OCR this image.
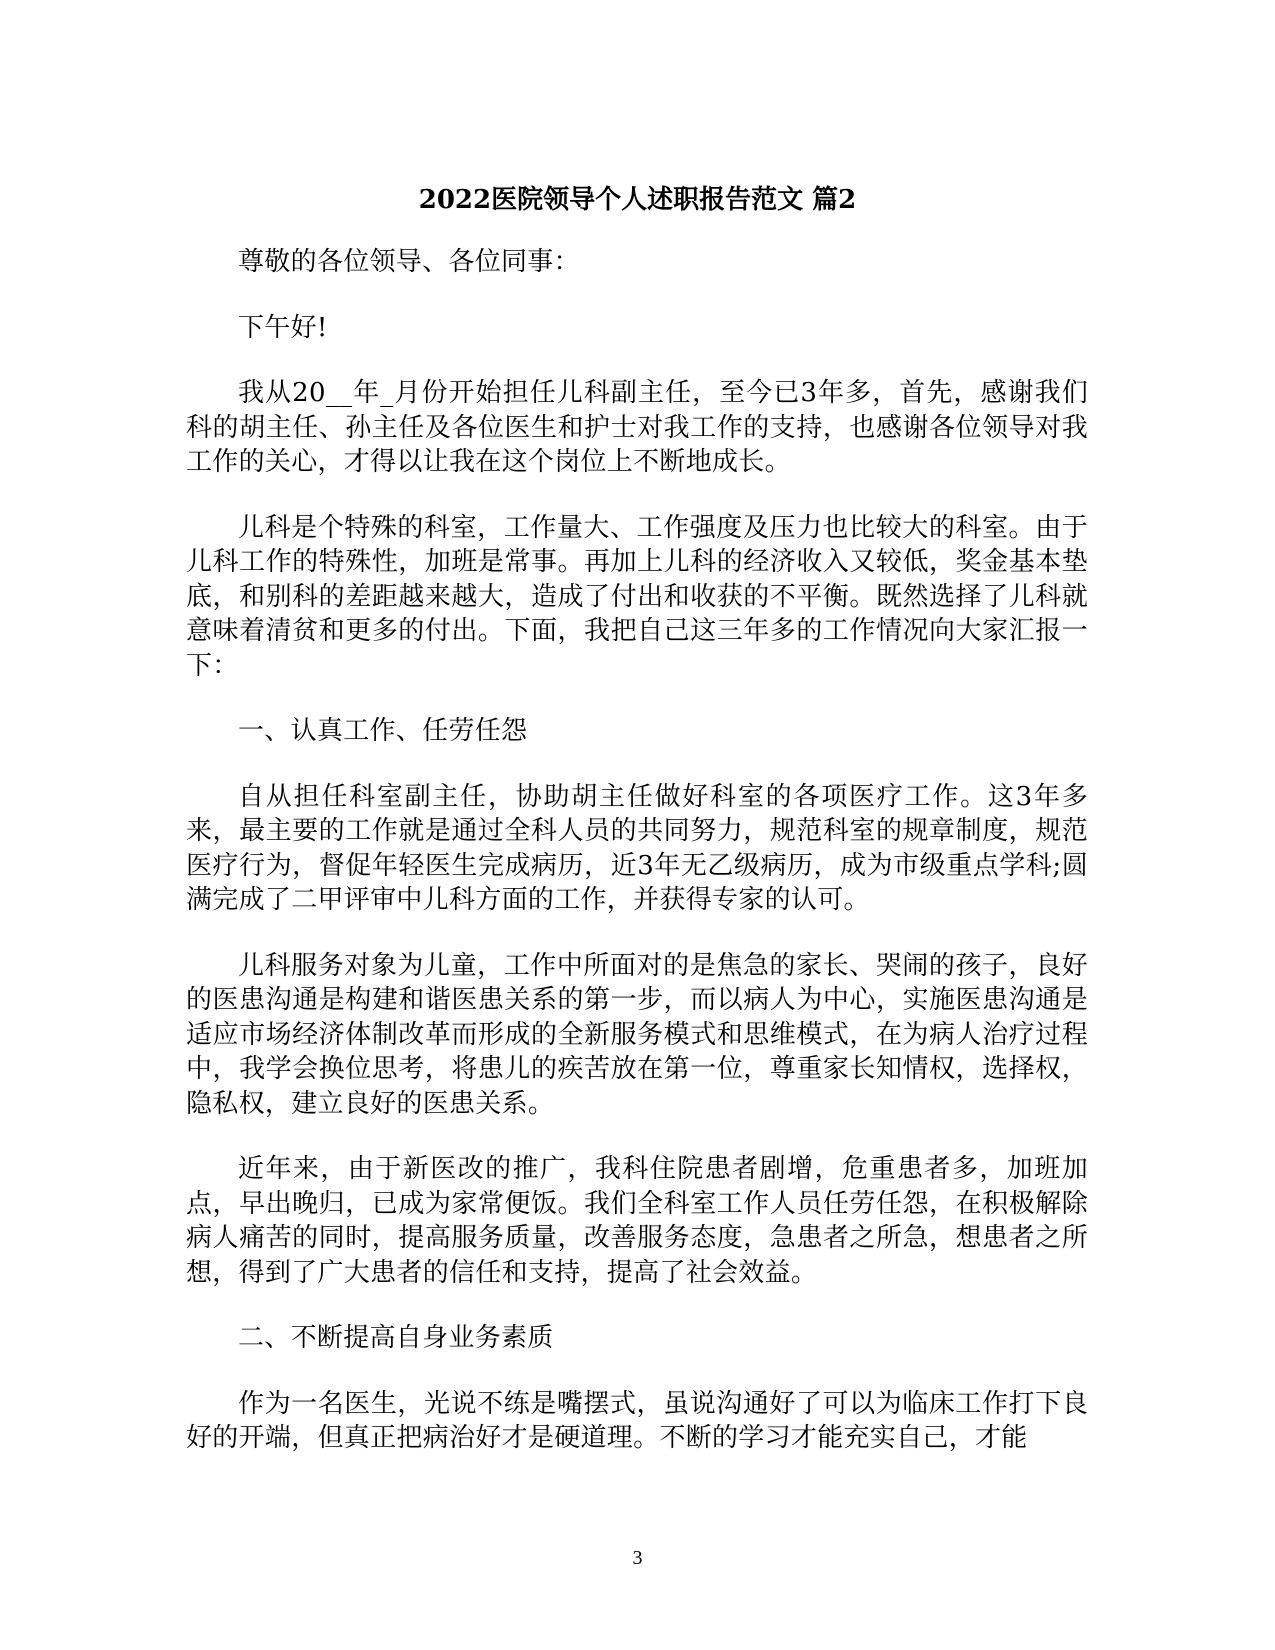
2022医院领导个人述职报告范文 篇2

尊敬的各位领导、各位同事：

下午好!

我从20__年_月份开始担任儿科副主任，至今已3年多，首先，感谢我们科的胡主任、孙主任及各位医生和护士对我工作的支持，也感谢各位领导对我工作的关心，才得以让我在这个岗位上不断地成长。

儿科是个特殊的科室，工作量大、工作强度及压力也比较大的科室。由于儿科工作的特殊性，加班是常事。再加上儿科的经济收入又较低，奖金基本垫底，和别科的差距越来越大，造成了付出和收获的不平衡。既然选择了儿科就意味着清贫和更多的付出。下面，我把自己这三年多的工作情况向大家汇报一下：

一、认真工作、任劳任怨

自从担任科室副主任，协助胡主任做好科室的各项医疗工作。这3年多来，最主要的工作就是通过全科人员的共同努力，规范科室的规章制度，规范医疗行为，督促年轻医生完成病历，近3年无乙级病历，成为市级重点学科;圆满完成了二甲评审中儿科方面的工作，并获得专家的认可。

儿科服务对象为儿童，工作中所面对的是焦急的家长、哭闹的孩子，良好的医患沟通是构建和谐医患关系的第一步，而以病人为中心，实施医患沟通是适应市场经济体制改革而形成的全新服务模式和思维模式，在为病人治疗过程中，我学会换位思考，将患儿的疾苦放在第一位，尊重家长知情权，选择权，隐私权，建立良好的医患关系。

近年来，由于新医改的推广，我科住院患者剧增，危重患者多，加班加点，早出晚归，已成为家常便饭。我们全科室工作人员任劳任怨，在积极解除病人痛苦的同时，提高服务质量，改善服务态度，急患者之所急，想患者之所想，得到了广大患者的信任和支持，提高了社会效益。

二、不断提高自身业务素质

作为一名医生，光说不练是嘴摆式，虽说沟通好了可以为临床工作打下良好的开端，但真正把病治好才是硬道理。不断的学习才能充实自己，才能

3
